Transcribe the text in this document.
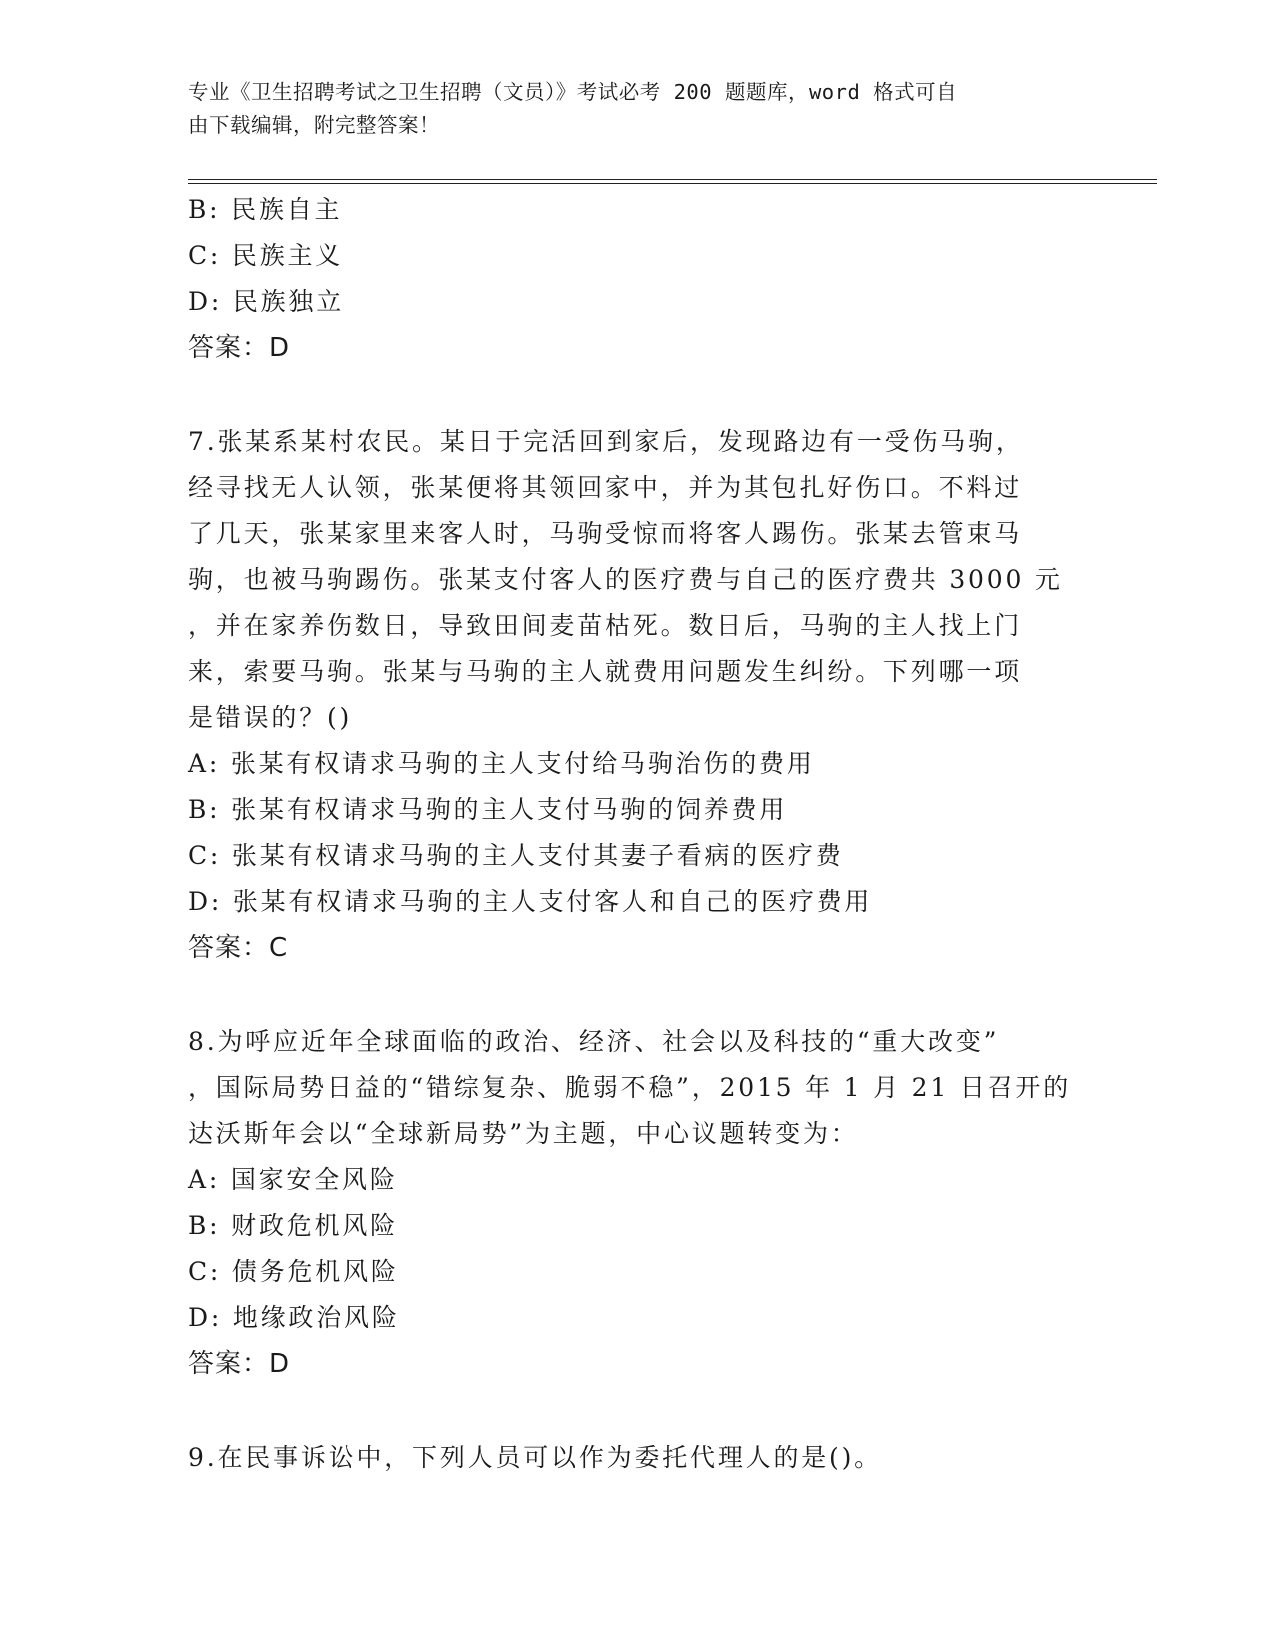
专业《卫生招聘考试之卫生招聘（文员）》考试必考 200 题题库，word 格式可自
由下载编辑，附完整答案！
B: 民族自主
C: 民族主义
D: 民族独立
答案：D
7.张某系某村农民。某日于完活回到家后，发现路边有一受伤马驹，
经寻找无人认领，张某便将其领回家中，并为其包扎好伤口。不料过
了几天，张某家里来客人时，马驹受惊而将客人踢伤。张某去管束马
驹，也被马驹踢伤。张某支付客人的医疗费与自己的医疗费共 3000 元
，并在家养伤数日，导致田间麦苗枯死。数日后，马驹的主人找上门
来，索要马驹。张某与马驹的主人就费用问题发生纠纷。下列哪一项
是错误的？()
A: 张某有权请求马驹的主人支付给马驹治伤的费用
B: 张某有权请求马驹的主人支付马驹的饲养费用
C: 张某有权请求马驹的主人支付其妻子看病的医疗费
D: 张某有权请求马驹的主人支付客人和自己的医疗费用
答案：C
8.为呼应近年全球面临的政治、经济、社会以及科技的“重大改变”
，国际局势日益的“错综复杂、脆弱不稳”，2015 年 1 月 21 日召开的
达沃斯年会以“全球新局势”为主题，中心议题转变为：
A: 国家安全风险
B: 财政危机风险
C: 债务危机风险
D: 地缘政治风险
答案：D
9.在民事诉讼中，下列人员可以作为委托代理人的是()。
